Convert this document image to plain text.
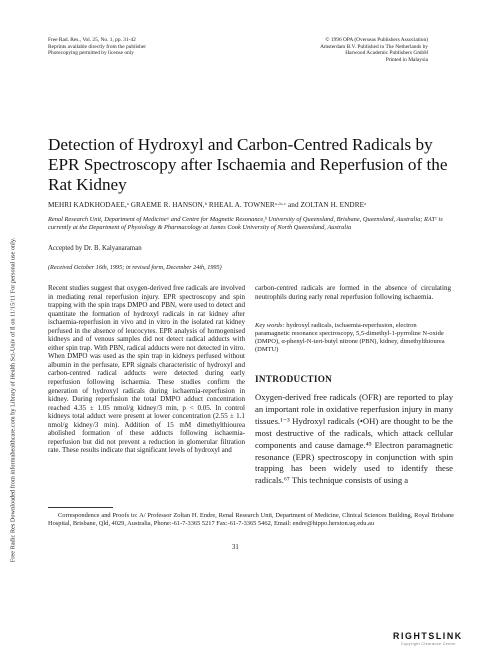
Free Radic Res Downloaded from informahealthcare.com by Library of Health Sci-Univ of Il on 11/15/11 For personal use only.
Free Rad. Res., Vol. 25, No. 1, pp. 31-42
Reprints available directly from the publisher
Photocopying permitted by license only
© 1996 OPA (Overseas Publishers Association)
Amsterdam B.V. Published in The Netherlands by
Harwood Academic Publishers GmbH
Printed in Malaysia
Detection of Hydroxyl and Carbon-Centred Radicals by EPR Spectroscopy after Ischaemia and Reperfusion of the Rat Kidney
MEHRI KADKHODAEE,ᵃ GRAEME R. HANSON,ᵇ RHEAL A. TOWNERᵃ·ᵇ·ᶜ and ZOLTAN H. ENDREᵃ
Renal Research Unit, Department of Medicineᵃ and Centre for Magnetic Resonance,ᵇ University of Queensland, Brisbane, Queensland, Australia; RATᶜ is currently at the Department of Physiology & Pharmacology at James Cook University of North Queensland, Australia
Accepted by Dr. B. Kalyanaraman
(Received October 16th, 1995; in revised form, December 24th, 1995)

Recent studies suggest that oxygen-derived free radicals are involved in mediating renal reperfusion injury. EPR spectroscopy and spin trapping with the spin traps DMPO and PBN, were used to detect and quantitate the formation of hydroxyl radicals in rat kidney after ischaemia-reperfusion in vivo and in vitro in the isolated rat kidney perfused in the absence of leucocytes. EPR analysis of homogenised kidneys and of venous samples did not detect radical adducts with either spin trap. With PBN, radical adducts were not detected in vitro. When DMPO was used as the spin trap in kidneys perfused without albumin in the perfusate, EPR signals characteristic of hydroxyl and carbon-centred radical adducts were detected during early reperfusion following ischaemia. These studies confirm the generation of hydroxyl radicals during ischaemia-reperfusion in kidney. During reperfusion the total DMPO adduct concentration reached 4.35 ± 1.05 nmol/g kidney/3 min, p < 0.05. In control kidneys total adduct were present at lower concentration (2.55 ± 1.1 nmol/g kidney/3 min). Addition of 15 mM dimethylthiourea abolished formation of these adducts following ischaemia-reperfusion but did not prevent a reduction in glomerular filtration rate. These results indicate that significant levels of hydroxyl and

carbon-centred radicals are formed in the absence of circulating neutrophils during early renal reperfusion following ischaemia.

Key words: hydroxyl radicals, ischaemia-reperfusion, electron paramagnetic resonance spectroscopy, 5,5-dimethyl-1-pyrroline N-oxide (DMPO), α-phenyl-N-tert-butyl nitrone (PBN), kidney, dimethylthiourea (DMTU)

INTRODUCTION

Oxygen-derived free radicals (OFR) are reported to play an important role in oxidative reperfusion injury in many tissues.¹⁻³ Hydroxyl radicals (•OH) are thought to be the most destructive of the radicals, which attack cellular components and cause damage.⁴⁵ Electron paramagnetic resonance (EPR) spectroscopy in conjunction with spin trapping has been widely used to identify these radicals.⁶⁷ This technique consists of using a

Correspondence and Proofs to: A/ Professor Zoltan H. Endre, Renal Research Unit, Department of Medicine, Clinical Sciences Building, Royal Brisbane Hospital, Brisbane, Qld, 4029, Australia, Phone:-61-7-3365 5217 Fax:-61-7-3365 5462, Email: endre@hippo.herston.uq.edu.au

31
RIGHTSLINK
Copyright Clearance Center
